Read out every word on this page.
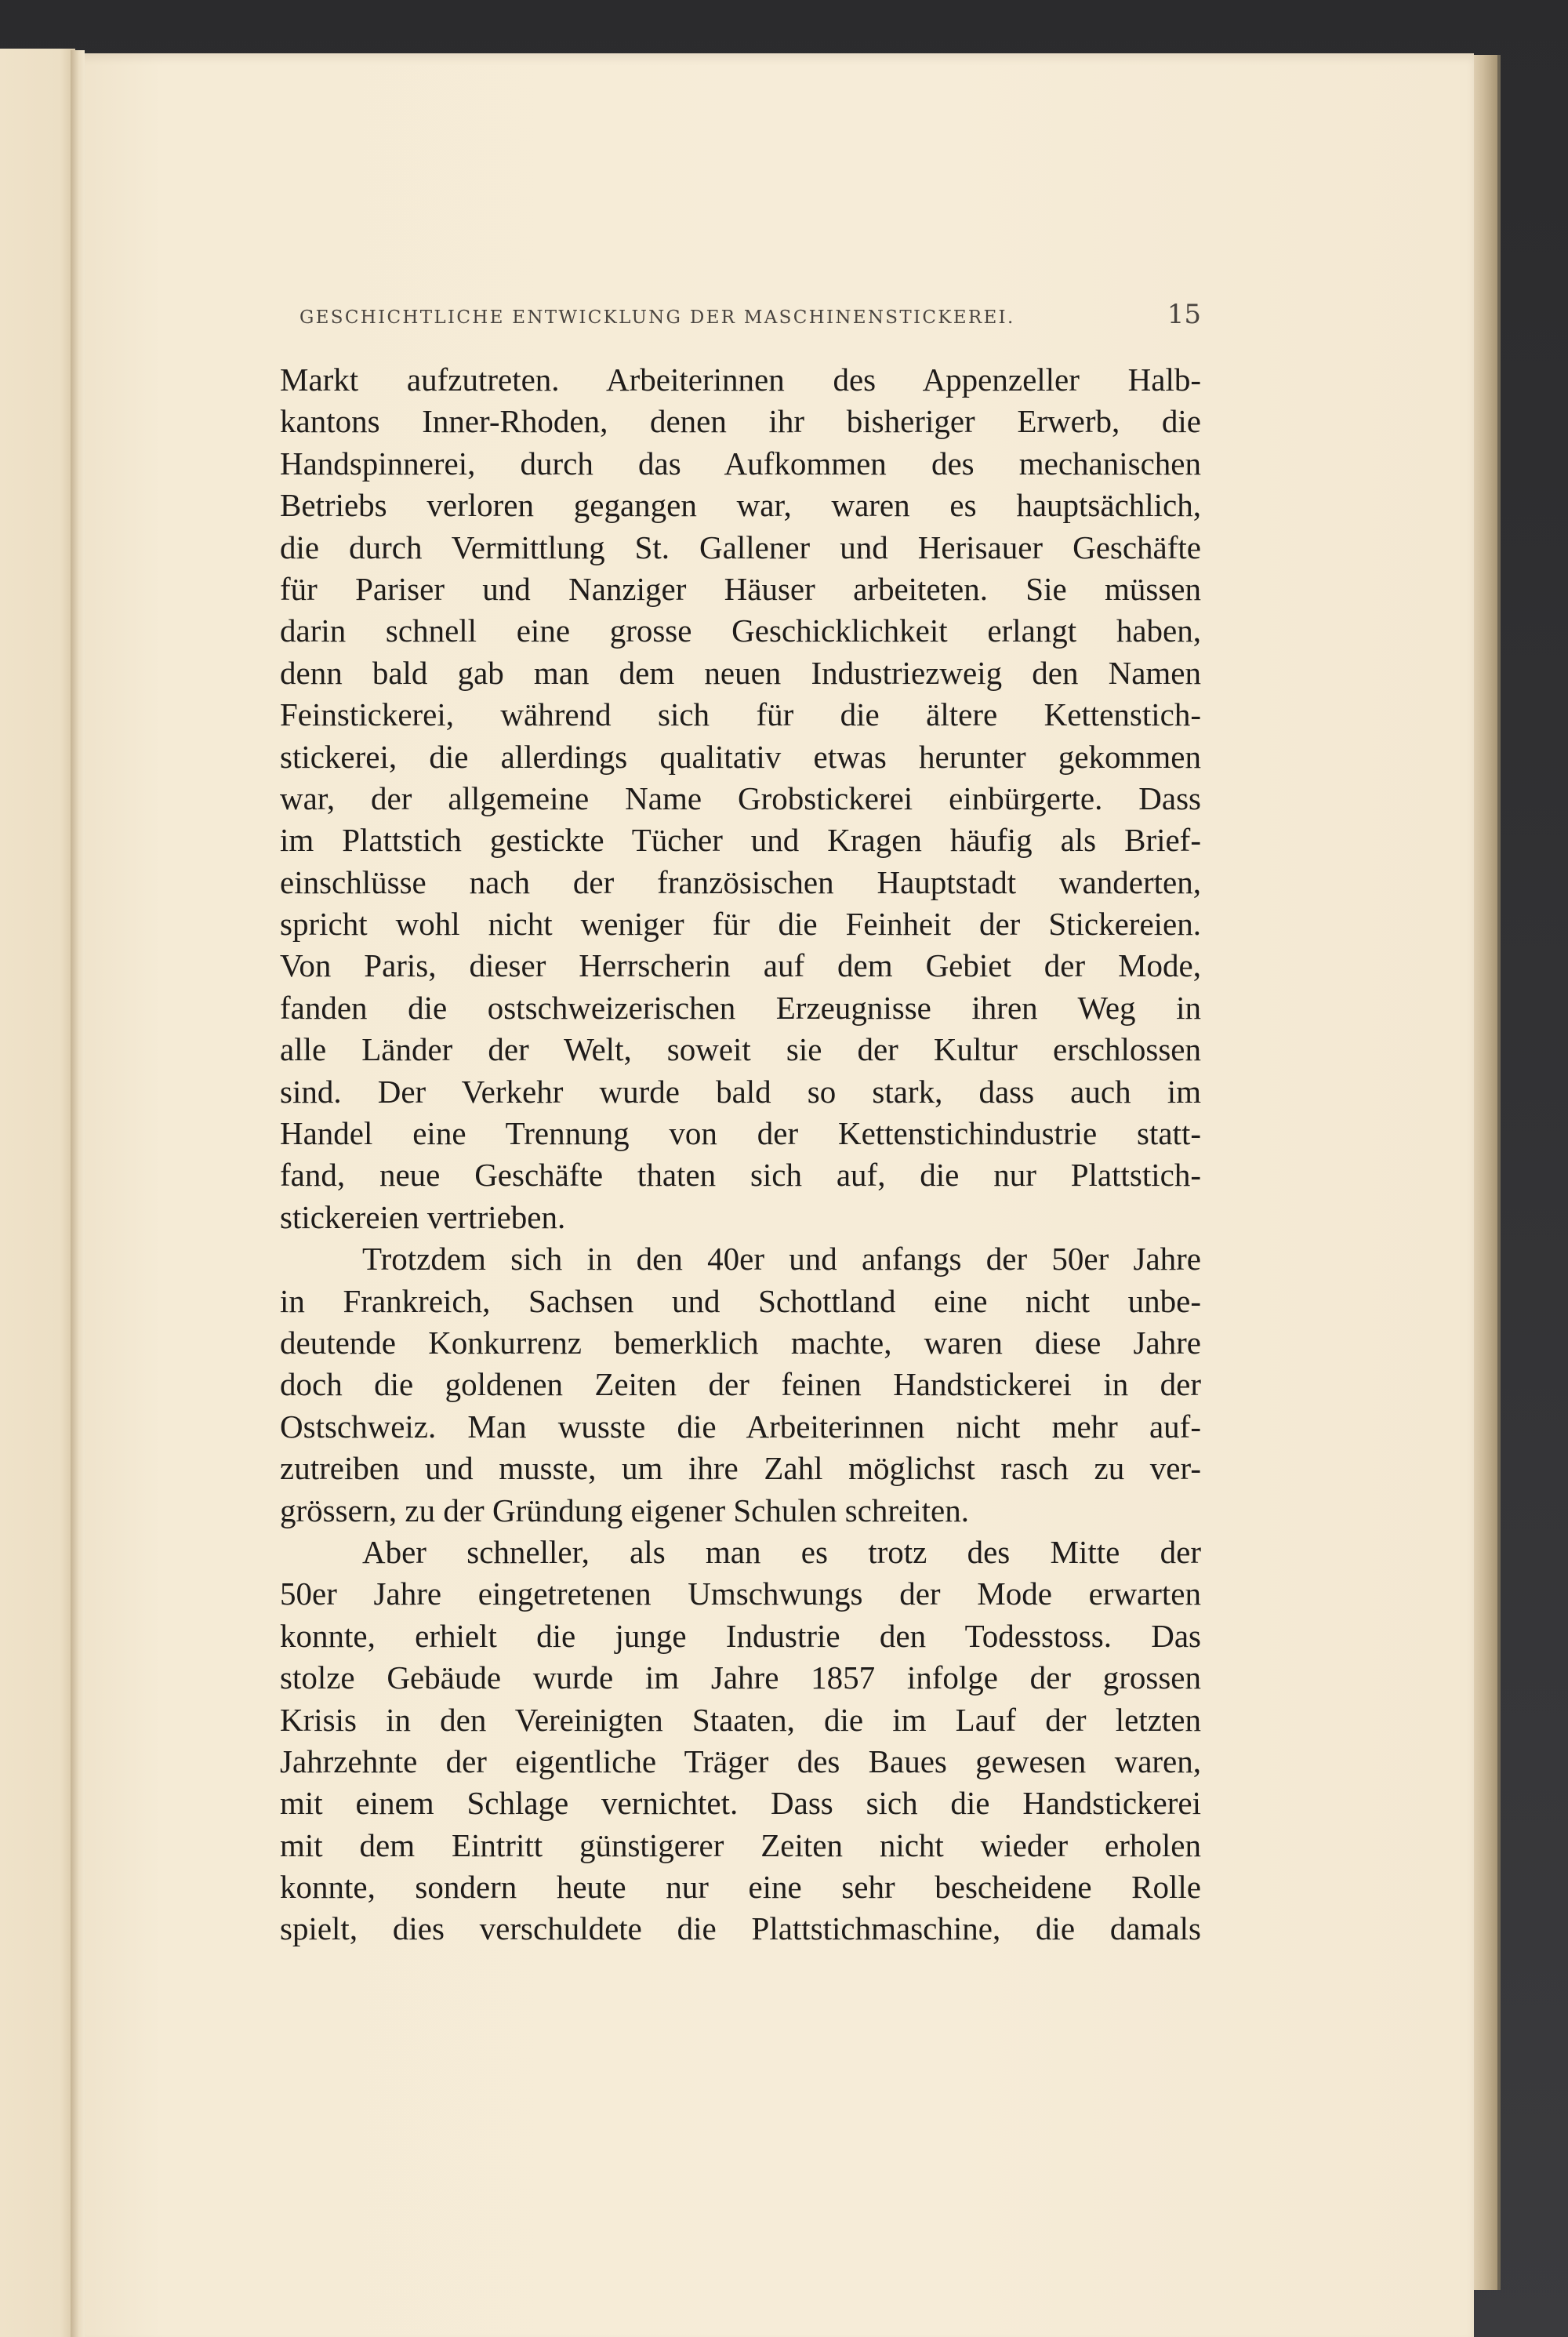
GESCHICHTLICHE ENTWICKLUNG DER MASCHINENSTICKEREI.	15
Markt aufzutreten. Arbeiterinnen des Appenzeller Halb-
kantons Inner-Rhoden, denen ihr bisheriger Erwerb, die
Handspinnerei, durch das Aufkommen des mechanischen
Betriebs verloren gegangen war, waren es hauptsächlich,
die durch Vermittlung St. Gallener und Herisauer Geschäfte
für Pariser und Nanziger Häuser arbeiteten. Sie müssen
darin schnell eine grosse Geschicklichkeit erlangt haben,
denn bald gab man dem neuen Industriezweig den Namen
Feinstickerei, während sich für die ältere Kettenstich-
stickerei, die allerdings qualitativ etwas herunter gekommen
war, der allgemeine Name Grobstickerei einbürgerte. Dass
im Plattstich gestickte Tücher und Kragen häufig als Brief-
einschlüsse nach der französischen Hauptstadt wanderten,
spricht wohl nicht weniger für die Feinheit der Stickereien.
Von Paris, dieser Herrscherin auf dem Gebiet der Mode,
fanden die ostschweizerischen Erzeugnisse ihren Weg in
alle Länder der Welt, soweit sie der Kultur erschlossen
sind. Der Verkehr wurde bald so stark, dass auch im
Handel eine Trennung von der Kettenstichindustrie statt-
fand, neue Geschäfte thaten sich auf, die nur Plattstich-
stickereien vertrieben.
Trotzdem sich in den 40er und anfangs der 50er Jahre
in Frankreich, Sachsen und Schottland eine nicht unbe-
deutende Konkurrenz bemerklich machte, waren diese Jahre
doch die goldenen Zeiten der feinen Handstickerei in der
Ostschweiz. Man wusste die Arbeiterinnen nicht mehr auf-
zutreiben und musste, um ihre Zahl möglichst rasch zu ver-
grössern, zu der Gründung eigener Schulen schreiten.
Aber schneller, als man es trotz des Mitte der
50er Jahre eingetretenen Umschwungs der Mode erwarten
konnte, erhielt die junge Industrie den Todesstoss. Das
stolze Gebäude wurde im Jahre 1857 infolge der grossen
Krisis in den Vereinigten Staaten, die im Lauf der letzten
Jahrzehnte der eigentliche Träger des Baues gewesen waren,
mit einem Schlage vernichtet. Dass sich die Handstickerei
mit dem Eintritt günstigerer Zeiten nicht wieder erholen
konnte, sondern heute nur eine sehr bescheidene Rolle
spielt, dies verschuldete die Plattstichmaschine, die damals
